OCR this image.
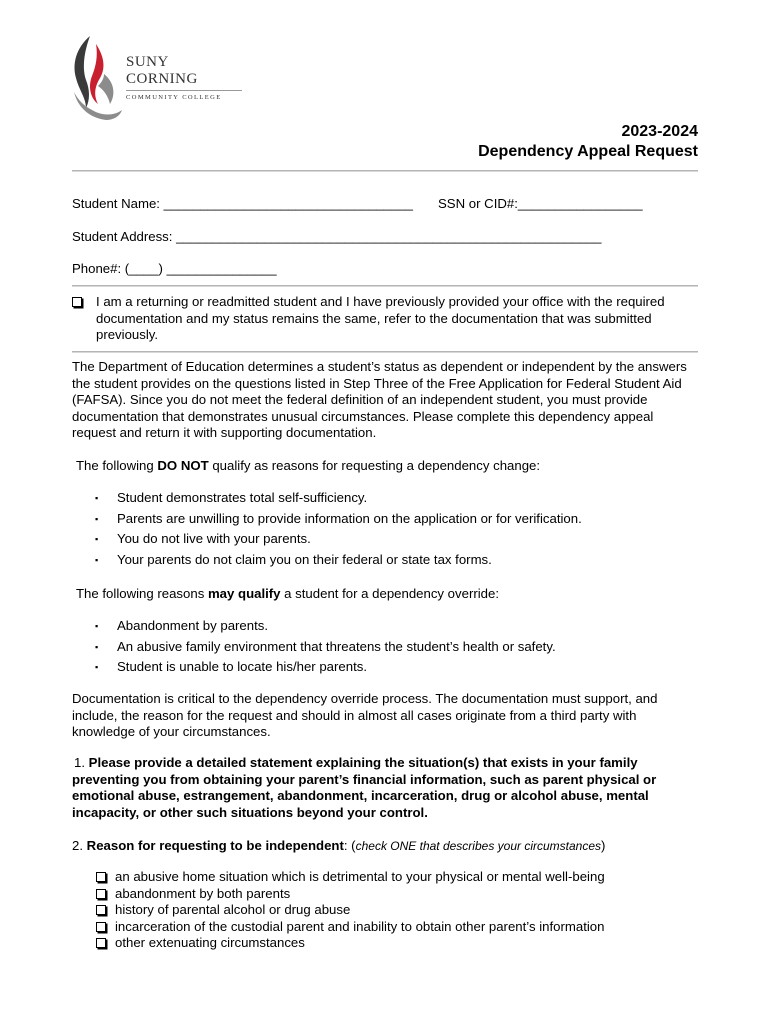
SUNY
CORNING
COMMUNITY COLLEGE
2023-2024
Dependency Appeal Request
Student Name: __________________________________ SSN or CID#:_________________
Student Address: __________________________________________________________
Phone#: (____) _______________
I am a returning or readmitted student and I have previously provided your office with the required documentation and my status remains the same, refer to the documentation that was submitted previously.
The Department of Education determines a student’s status as dependent or independent by the answers the student provides on the questions listed in Step Three of the Free Application for Federal Student Aid (FAFSA). Since you do not meet the federal definition of an independent student, you must provide documentation that demonstrates unusual circumstances. Please complete this dependency appeal request and return it with supporting documentation.
The following DO NOT qualify as reasons for requesting a dependency change:
▪ Student demonstrates total self-sufficiency.
▪ Parents are unwilling to provide information on the application or for verification.
▪ You do not live with your parents.
▪ Your parents do not claim you on their federal or state tax forms.
The following reasons may qualify a student for a dependency override:
▪ Abandonment by parents.
▪ An abusive family environment that threatens the student’s health or safety.
▪ Student is unable to locate his/her parents.
Documentation is critical to the dependency override process. The documentation must support, and include, the reason for the request and should in almost all cases originate from a third party with knowledge of your circumstances.
1. Please provide a detailed statement explaining the situation(s) that exists in your family preventing you from obtaining your parent’s financial information, such as parent physical or emotional abuse, estrangement, abandonment, incarceration, drug or alcohol abuse, mental incapacity, or other such situations beyond your control.
2. Reason for requesting to be independent: (check ONE that describes your circumstances)
an abusive home situation which is detrimental to your physical or mental well-being
abandonment by both parents
history of parental alcohol or drug abuse
incarceration of the custodial parent and inability to obtain other parent’s information
other extenuating circumstances
